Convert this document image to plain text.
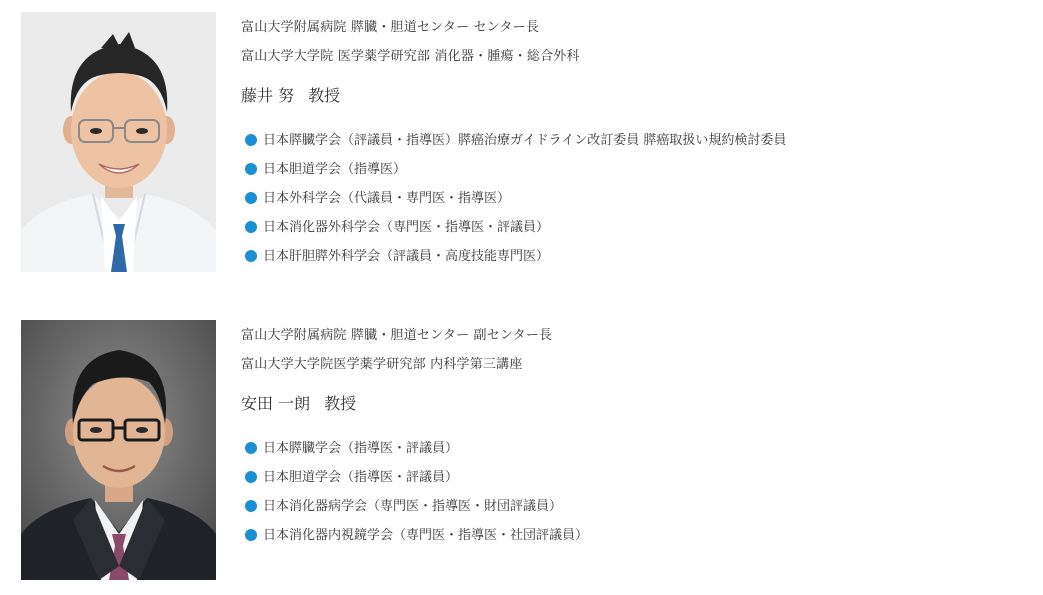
富山大学附属病院 膵臓・胆道センター センター長
富山大学大学院 医学薬学研究部 消化器・腫瘍・総合外科
藤井 努 教授
日本膵臓学会（評議員・指導医）膵癌治療ガイドライン改訂委員 膵癌取扱い規約検討委員
日本胆道学会（指導医）
日本外科学会（代議員・専門医・指導医）
日本消化器外科学会（専門医・指導医・評議員）
日本肝胆膵外科学会（評議員・高度技能専門医）
富山大学附属病院 膵臓・胆道センター 副センター長
富山大学大学院医学薬学研究部 内科学第三講座
安田 一朗 教授
日本膵臓学会（指導医・評議員）
日本胆道学会（指導医・評議員）
日本消化器病学会（専門医・指導医・財団評議員）
日本消化器内視鏡学会（専門医・指導医・社団評議員）
